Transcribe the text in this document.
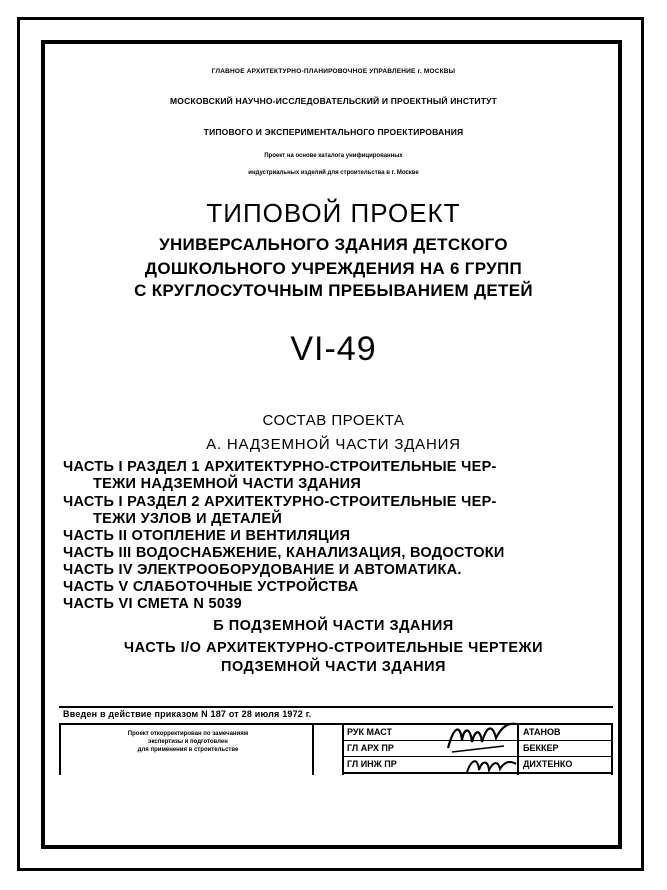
ГЛАВНОЕ АРХИТЕКТУРНО-ПЛАНИРОВОЧНОЕ УПРАВЛЕНИЕ г. МОСКВЫ
МОСКОВСКИЙ НАУЧНО-ИССЛЕДОВАТЕЛЬСКИЙ И ПРОЕКТНЫЙ ИНСТИТУТ
ТИПОВОГО И ЭКСПЕРИМЕНТАЛЬНОГО ПРОЕКТИРОВАНИЯ
Проект на основе каталога унифицированных
индустриальных изделий для строительства в г. Москве
ТИПОВОЙ ПРОЕКТ
УНИВЕРСАЛЬНОГО ЗДАНИЯ ДЕТСКОГО
ДОШКОЛЬНОГО УЧРЕЖДЕНИЯ НА 6 ГРУПП
С КРУГЛОСУТОЧНЫМ ПРЕБЫВАНИЕМ ДЕТЕЙ
VI-49
СОСТАВ ПРОЕКТА
А. НАДЗЕМНОЙ ЧАСТИ ЗДАНИЯ
ЧАСТЬ I РАЗДЕЛ 1 АРХИТЕКТУРНО-СТРОИТЕЛЬНЫЕ ЧЕР-
ТЕЖИ НАДЗЕМНОЙ ЧАСТИ ЗДАНИЯ
ЧАСТЬ I РАЗДЕЛ 2 АРХИТЕКТУРНО-СТРОИТЕЛЬНЫЕ ЧЕР-
ТЕЖИ УЗЛОВ И ДЕТАЛЕЙ
ЧАСТЬ II ОТОПЛЕНИЕ И ВЕНТИЛЯЦИЯ
ЧАСТЬ III ВОДОСНАБЖЕНИЕ, КАНАЛИЗАЦИЯ, ВОДОСТОКИ
ЧАСТЬ IV ЭЛЕКТРООБОРУДОВАНИЕ И АВТОМАТИКА.
ЧАСТЬ V СЛАБОТОЧНЫЕ УСТРОЙСТВА
ЧАСТЬ VI СМЕТА N 5039
Б ПОДЗЕМНОЙ ЧАСТИ ЗДАНИЯ
ЧАСТЬ I/О АРХИТЕКТУРНО-СТРОИТЕЛЬНЫЕ ЧЕРТЕЖИ
ПОДЗЕМНОЙ ЧАСТИ ЗДАНИЯ
Введен в действие приказом N 187 от 28 июля 1972 г.
Проект откорректирован по замечаниям
экспертизы и подготовлен
для применения в строительстве
РУК МАСТ
ГЛ АРХ ПР
ГЛ ИНЖ ПР
АТАНОВ
БЕККЕР
ДИХТЕНКО
